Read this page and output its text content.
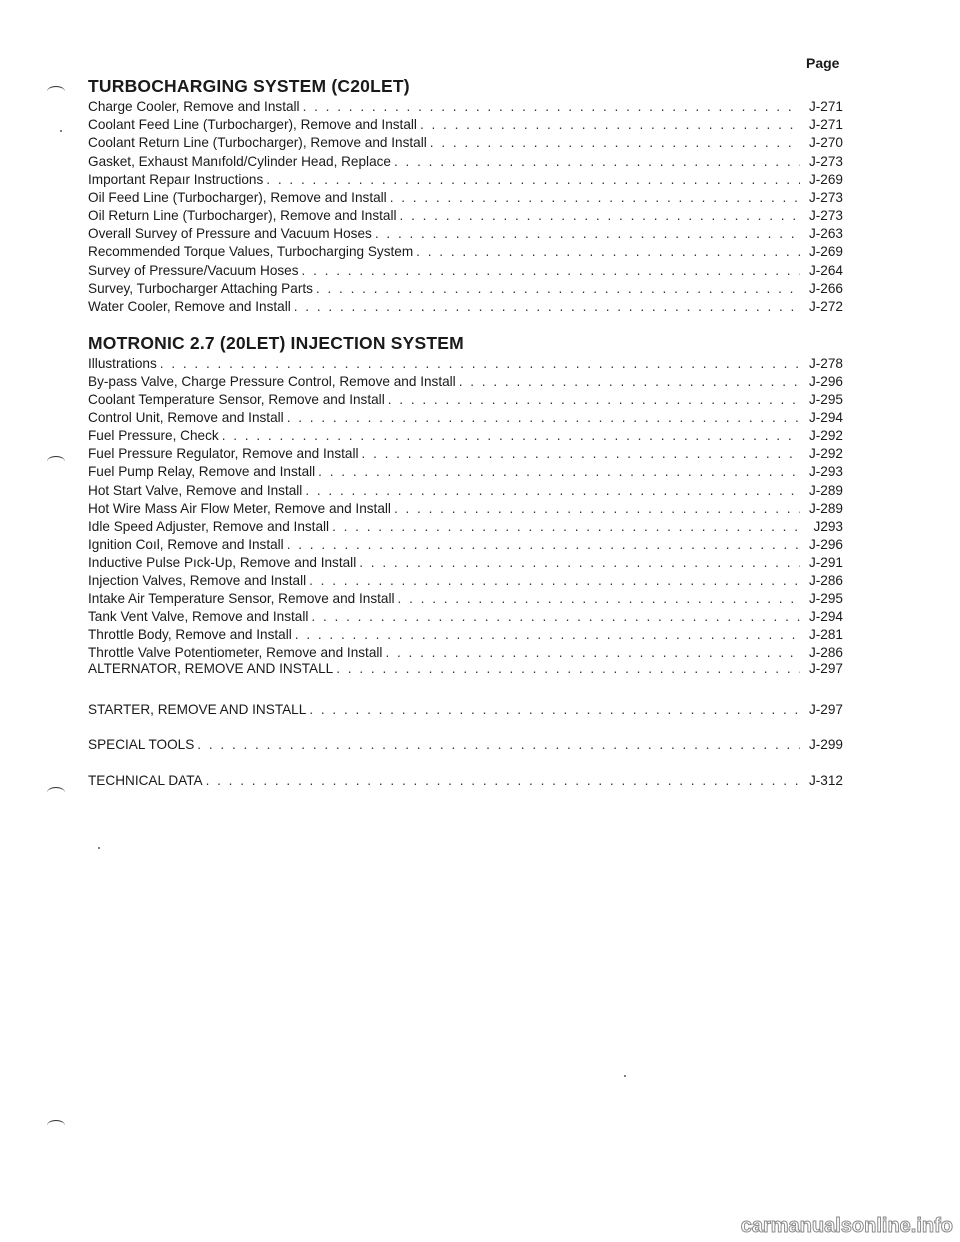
Page
TURBOCHARGING SYSTEM (C20LET)
Charge Cooler, Remove and Install . . .	J-271
Coolant Feed Line (Turbocharger), Remove and Install . . .	J-271
Coolant Return Line (Turbocharger), Remove and Install . . .	J-270
Gasket, Exhaust Manıfold/Cylinder Head, Replace . . .	J-273
Important Repaır Instructions . . .	J-269
Oil Feed Line (Turbocharger), Remove and Install . . .	J-273
Oil Return Line (Turbocharger), Remove and Install . . .	J-273
Overall Survey of Pressure and Vacuum Hoses . . .	J-263
Recommended Torque Values, Turbocharging System . . .	J-269
Survey of Pressure/Vacuum Hoses . . .	J-264
Survey, Turbocharger Attaching Parts . . .	J-266
Water Cooler, Remove and Install . . .	J-272
MOTRONIC 2.7 (20LET) INJECTION SYSTEM
Illustrations . . .	J-278
By-pass Valve, Charge Pressure Control, Remove and Install . . .	J-296
Coolant Temperature Sensor, Remove and Install . . .	J-295
Control Unit, Remove and Install . . .	J-294
Fuel Pressure, Check . . .	J-292
Fuel Pressure Regulator, Remove and Install . . .	J-292
Fuel Pump Relay, Remove and Install . . .	J-293
Hot Start Valve, Remove and Install . . .	J-289
Hot Wire Mass Air Flow Meter, Remove and Install . . .	J-289
Idle Speed Adjuster, Remove and Install . . .	J293
Ignition Coıl, Remove and Install . . .	J-296
Inductive Pulse Pıck-Up, Remove and Install . . .	J-291
Injection Valves, Remove and Install . . .	J-286
Intake Air Temperature Sensor, Remove and Install . . .	J-295
Tank Vent Valve, Remove and Install . . .	J-294
Throttle Body, Remove and Install . . .	J-281
Throttle Valve Potentiometer, Remove and Install . . .	J-286
ALTERNATOR, REMOVE AND INSTALL . . .	J-297
STARTER, REMOVE AND INSTALL . . .	J-297
SPECIAL TOOLS . . .	J-299
TECHNICAL DATA . . .	J-312
carmanualsonline.info
